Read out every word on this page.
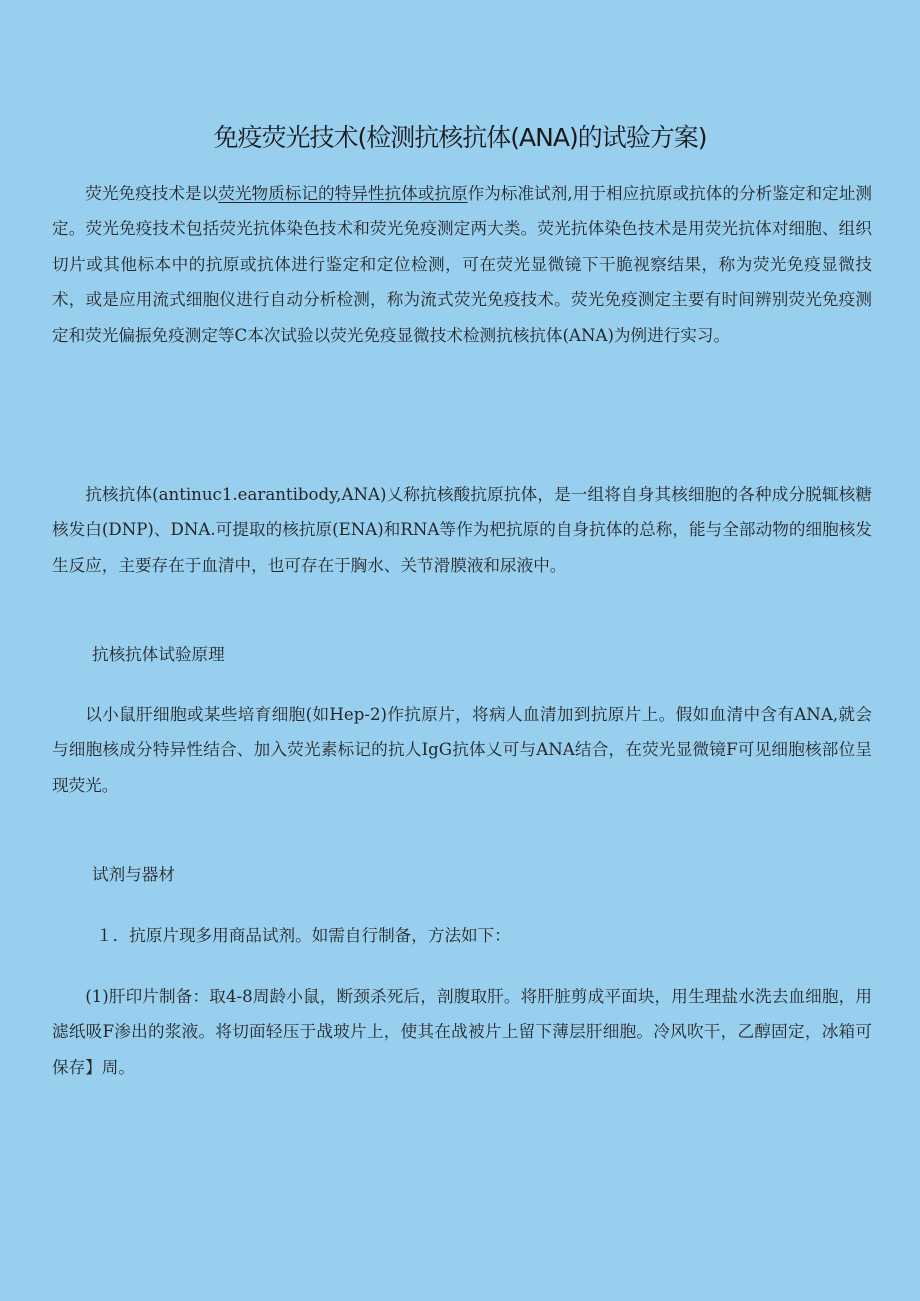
免疫荧光技术(检测抗核抗体(ANA)的试验方案)

荧光免疫技术是以荧光物质标记的特异性抗体或抗原作为标准试剂,用于相应抗原或抗体的分析鉴定和定址测定。荧光免疫技术包括荧光抗体染色技术和荧光免疫测定两大类。荧光抗体染色技术是用荧光抗体对细胞、组织切片或其他标本中的抗原或抗体进行鉴定和定位检测，可在荧光显微镜下干脆视察结果，称为荧光免疫显微技术，或是应用流式细胞仪进行自动分析检测，称为流式荧光免疫技术。荧光免疫测定主要有时间辨别荧光免疫测定和荧光偏振免疫测定等C本次试验以荧光免疫显微技术检测抗核抗体(ANA)为例进行实习。

抗核抗体(antinuc1.earantibody,ANA)乂称抗核酸抗原抗体，是一组将自身其核细胞的各种成分脱辄核糖核发白(DNP)、DNA.可提取的核抗原(ENA)和RNA等作为杷抗原的自身抗体的总称，能与全部动物的细胞核发生反应，主要存在于血清中，也可存在于胸水、关节滑膜液和尿液中。

抗核抗体试验原理

以小鼠肝细胞或某些培育细胞(如Hep-2)作抗原片，将病人血清加到抗原片上。假如血清中含有ANA,就会与细胞核成分特异性结合、加入荧光素标记的抗人IgG抗体乂可与ANA结合，在荧光显微镜F可见细胞核部位呈现荧光。

试剂与器材

１．抗原片现多用商品试剂。如需自行制备，方法如下：

(1)肝印片制备：取4-8周龄小鼠，断颈杀死后，剖腹取肝。将肝脏剪成平面块，用生理盐水洗去血细胞，用滤纸吸F渗出的浆液。将切面轻压于战玻片上，使其在战被片上留下薄层肝细胞。冷风吹干，乙醇固定，冰箱可保存】周。
